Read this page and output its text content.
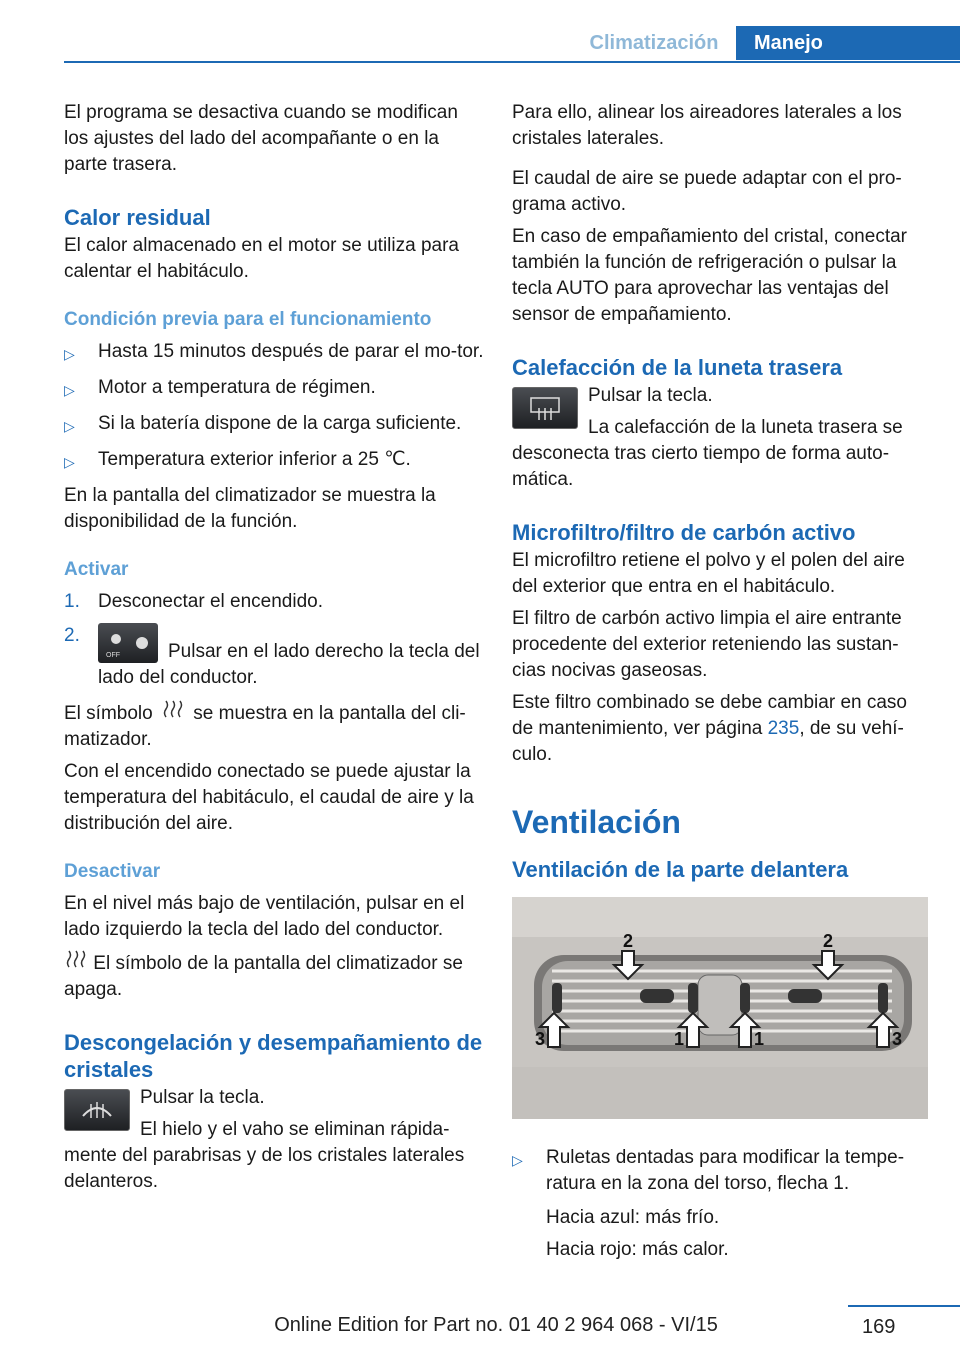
Climatización	Manejo

El programa se desactiva cuando se modifican los ajustes del lado del acompañante o en la parte trasera.

Calor residual

El calor almacenado en el motor se utiliza para calentar el habitáculo.

Condición previa para el funcionamiento
▷	Hasta 15 minutos después de parar el mo‐tor.
▷	Motor a temperatura de régimen.
▷	Si la batería dispone de la carga suficiente.
▷	Temperatura exterior inferior a 25 ℃.

En la pantalla del climatizador se muestra la disponibilidad de la función.

Activar
1. Desconectar el encendido.
2.
OFF	Pulsar en el lado derecho la tecla del lado del conductor.

El símbolo se muestra en la pantalla del cli‐matizador.

Con el encendido conectado se puede ajustar la temperatura del habitáculo, el caudal de aire y la distribución del aire.

Desactivar

En el nivel más bajo de ventilación, pulsar en el lado izquierdo la tecla del lado del conductor.

El símbolo de la pantalla del climatizador se apaga.

Descongelación y desempañamiento de cristales

Pulsar la tecla.

El hielo y el vaho se eliminan rápida‐mente del parabrisas y de los cristales laterales delanteros.

Para ello, alinear los aireadores laterales a los cristales laterales.

El caudal de aire se puede adaptar con el pro‐grama activo.

En caso de empañamiento del cristal, conectar también la función de refrigeración o pulsar la tecla AUTO para aprovechar las ventajas del sensor de empañamiento.

Calefacción de la luneta trasera

Pulsar la tecla.

La calefacción de la luneta trasera se desconecta tras cierto tiempo de forma auto‐mática.

Microfiltro/filtro de carbón activo

El microfiltro retiene el polvo y el polen del aire del exterior que entra en el habitáculo.

El filtro de carbón activo limpia el aire entrante procedente del exterior reteniendo las sustan‐cias nocivas gaseosas.

Este filtro combinado se debe cambiar en caso de mantenimiento, ver página 235, de su vehí‐culo.

Ventilación
Ventilación de la parte delantera
2	2
3	1	1	3
▷	Ruletas dentadas para modificar la tempe‐ratura en la zona del torso, flecha 1.

Hacia azul: más frío.

Hacia rojo: más calor.

Online Edition for Part no. 01 40 2 964 068 - VI/15	169
